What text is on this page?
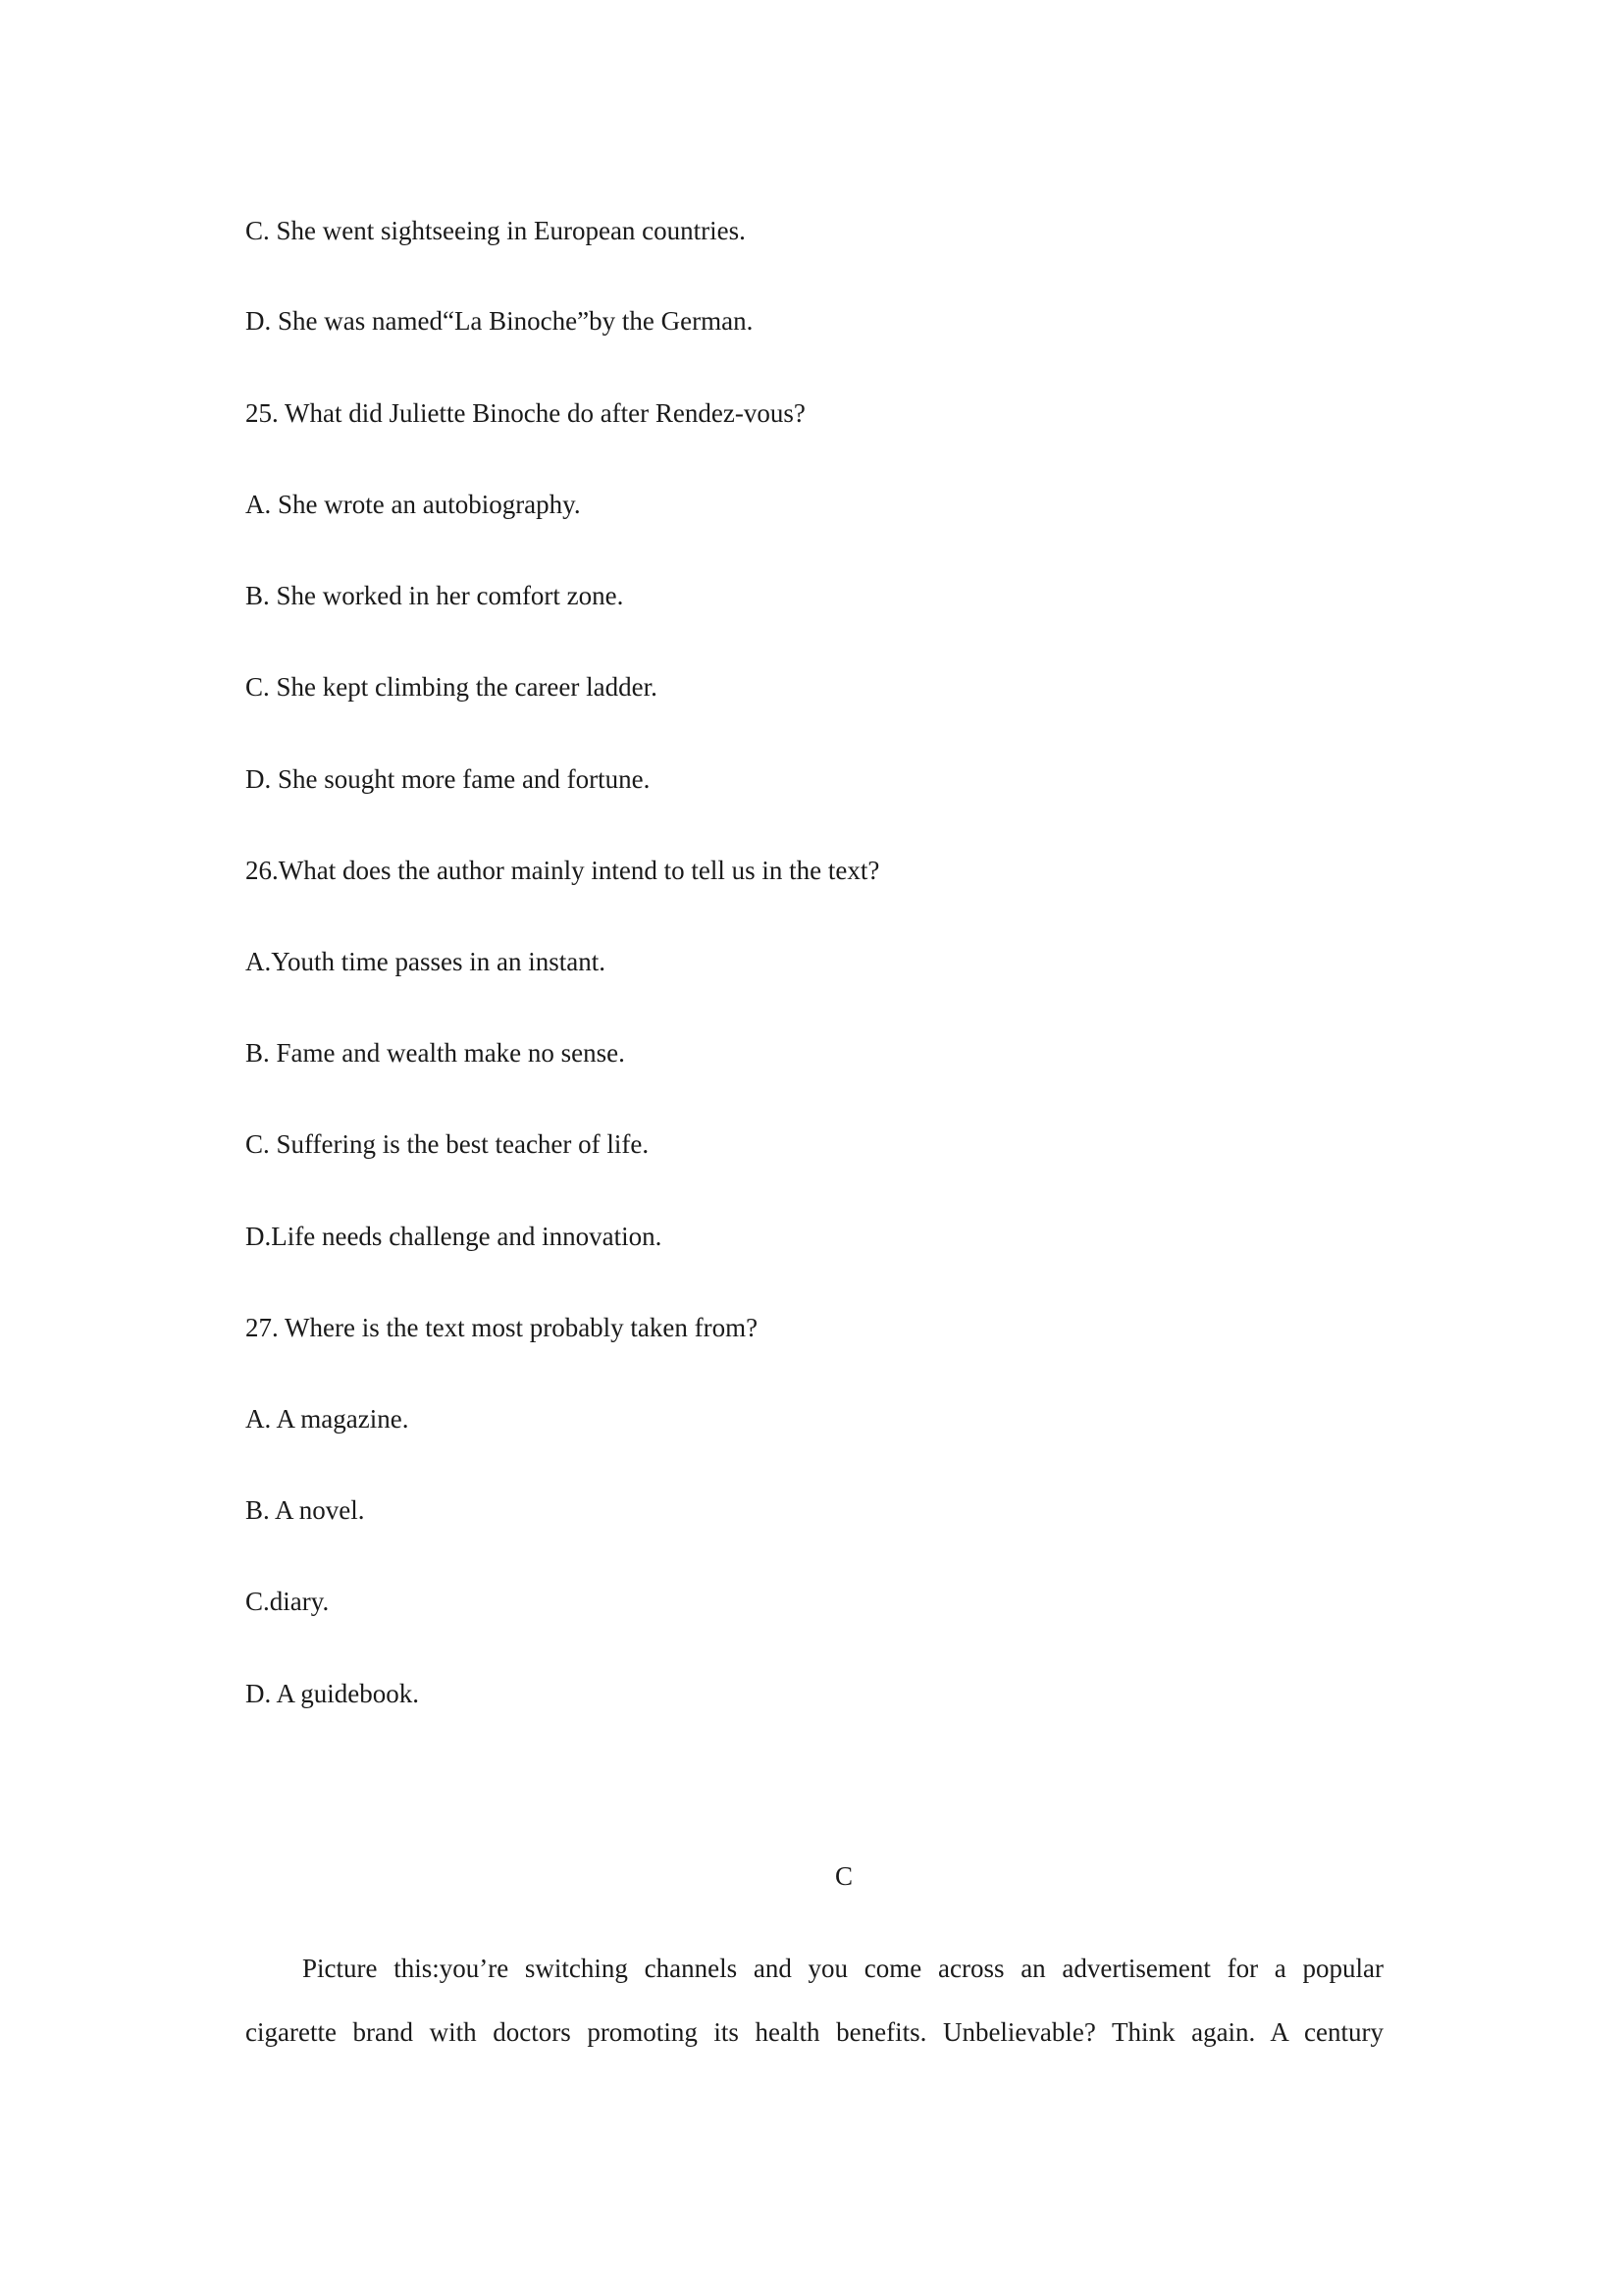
C. She went sightseeing in European countries.
D. She was named“La Binoche”by the German.
25. What did Juliette Binoche do after Rendez-vous?
A. She wrote an autobiography.
B. She worked in her comfort zone.
C. She kept climbing the career ladder.
D. She sought more fame and fortune.
26.What does the author mainly intend to tell us in the text?
A.Youth time passes in an instant.
B. Fame and wealth make no sense.
C. Suffering is the best teacher of life.
D.Life needs challenge and innovation.
27. Where is the text most probably taken from?
A. A magazine.
B. A novel.
C.diary.
D. A guidebook.
C
Picture this:you’re switching channels and you come across an advertisement for a popular
cigarette brand with doctors promoting its health benefits. Unbelievable? Think again. A century
